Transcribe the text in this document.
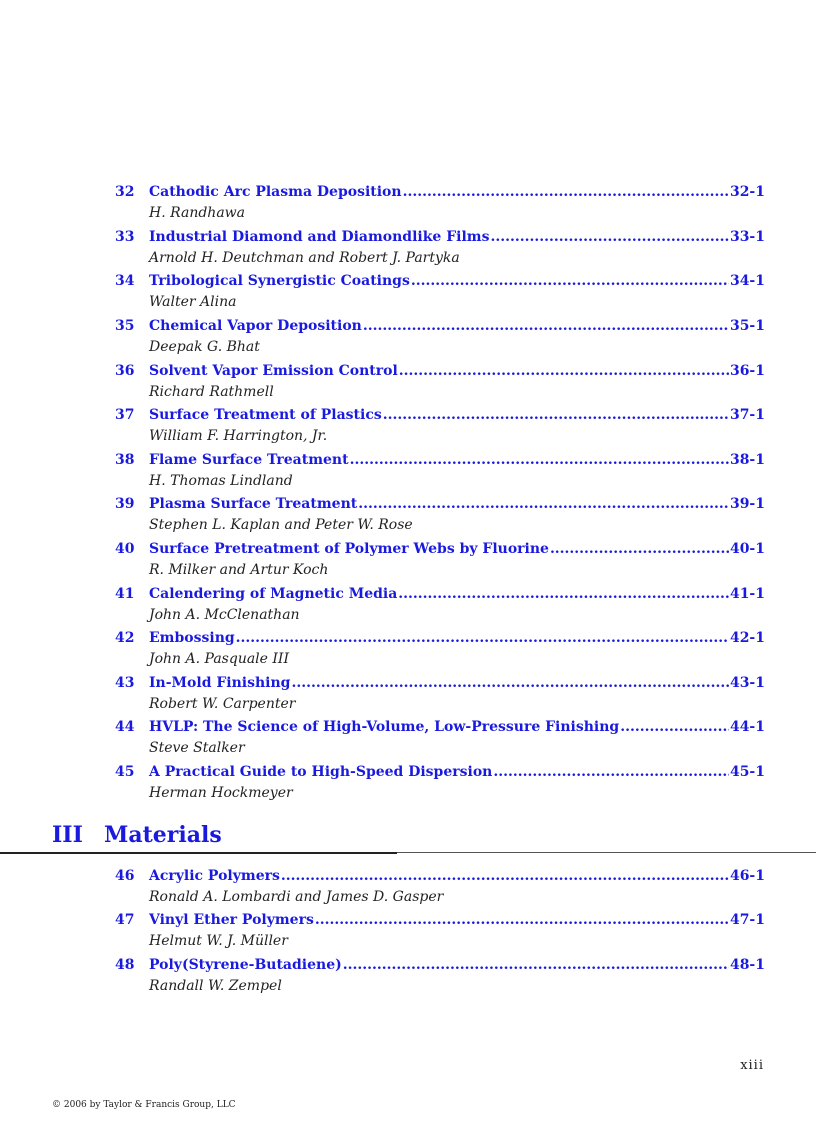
32	Cathodic Arc Plasma Deposition .....	32-1
H. Randhawa
33	Industrial Diamond and Diamondlike Films .....	33-1
Arnold H. Deutchman and Robert J. Partyka
34	Tribological Synergistic Coatings .....	34-1
Walter Alina
35	Chemical Vapor Deposition .....	35-1
Deepak G. Bhat
36	Solvent Vapor Emission Control .....	36-1
Richard Rathmell
37	Surface Treatment of Plastics .....	37-1
William F. Harrington, Jr.
38	Flame Surface Treatment .....	38-1
H. Thomas Lindland
39	Plasma Surface Treatment .....	39-1
Stephen L. Kaplan and Peter W. Rose
40	Surface Pretreatment of Polymer Webs by Fluorine .....	40-1
R. Milker and Artur Koch
41	Calendering of Magnetic Media .....	41-1
John A. McClenathan
42	Embossing .....	42-1
John A. Pasquale III
43	In-Mold Finishing .....	43-1
Robert W. Carpenter
44	HVLP: The Science of High-Volume, Low-Pressure Finishing .....	44-1
Steve Stalker
45	A Practical Guide to High-Speed Dispersion .....	45-1
Herman Hockmeyer
III Materials
46	Acrylic Polymers .....	46-1
Ronald A. Lombardi and James D. Gasper
47	Vinyl Ether Polymers .....	47-1
Helmut W. J. Müller
48	Poly(Styrene-Butadiene) .....	48-1
Randall W. Zempel
xiii
© 2006 by Taylor & Francis Group, LLC
